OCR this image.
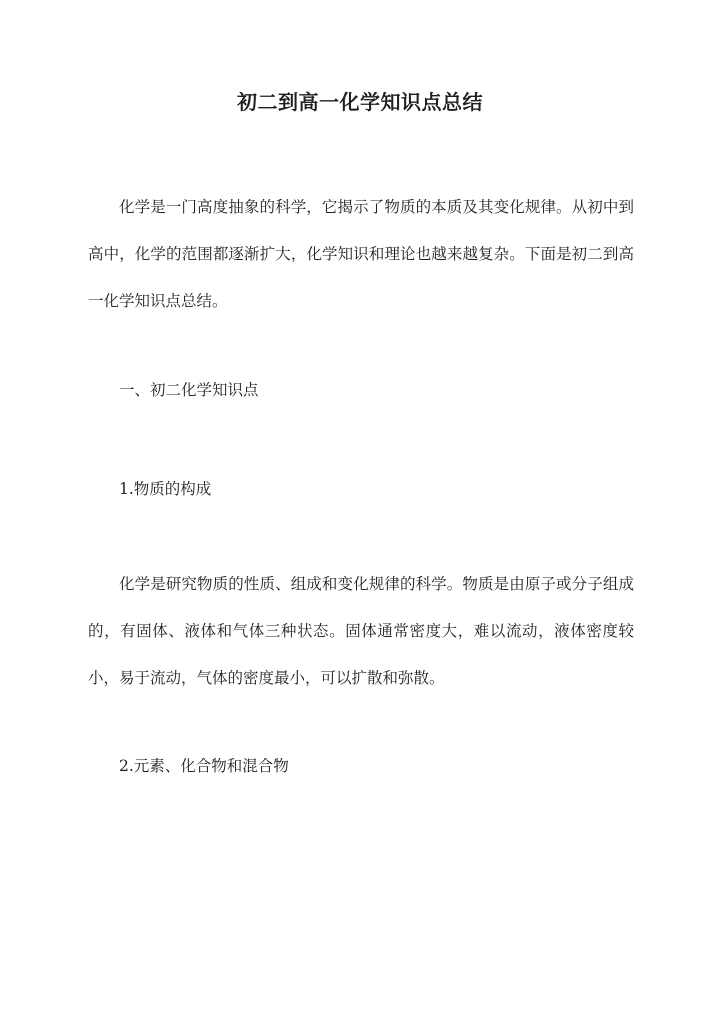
初二到高一化学知识点总结

化学是一门高度抽象的科学，它揭示了物质的本质及其变化规律。从初中到高中，化学的范围都逐渐扩大，化学知识和理论也越来越复杂。下面是初二到高一化学知识点总结。

一、初二化学知识点
1.物质的构成

化学是研究物质的性质、组成和变化规律的科学。物质是由原子或分子组成的，有固体、液体和气体三种状态。固体通常密度大，难以流动，液体密度较小，易于流动，气体的密度最小，可以扩散和弥散。

2.元素、化合物和混合物
